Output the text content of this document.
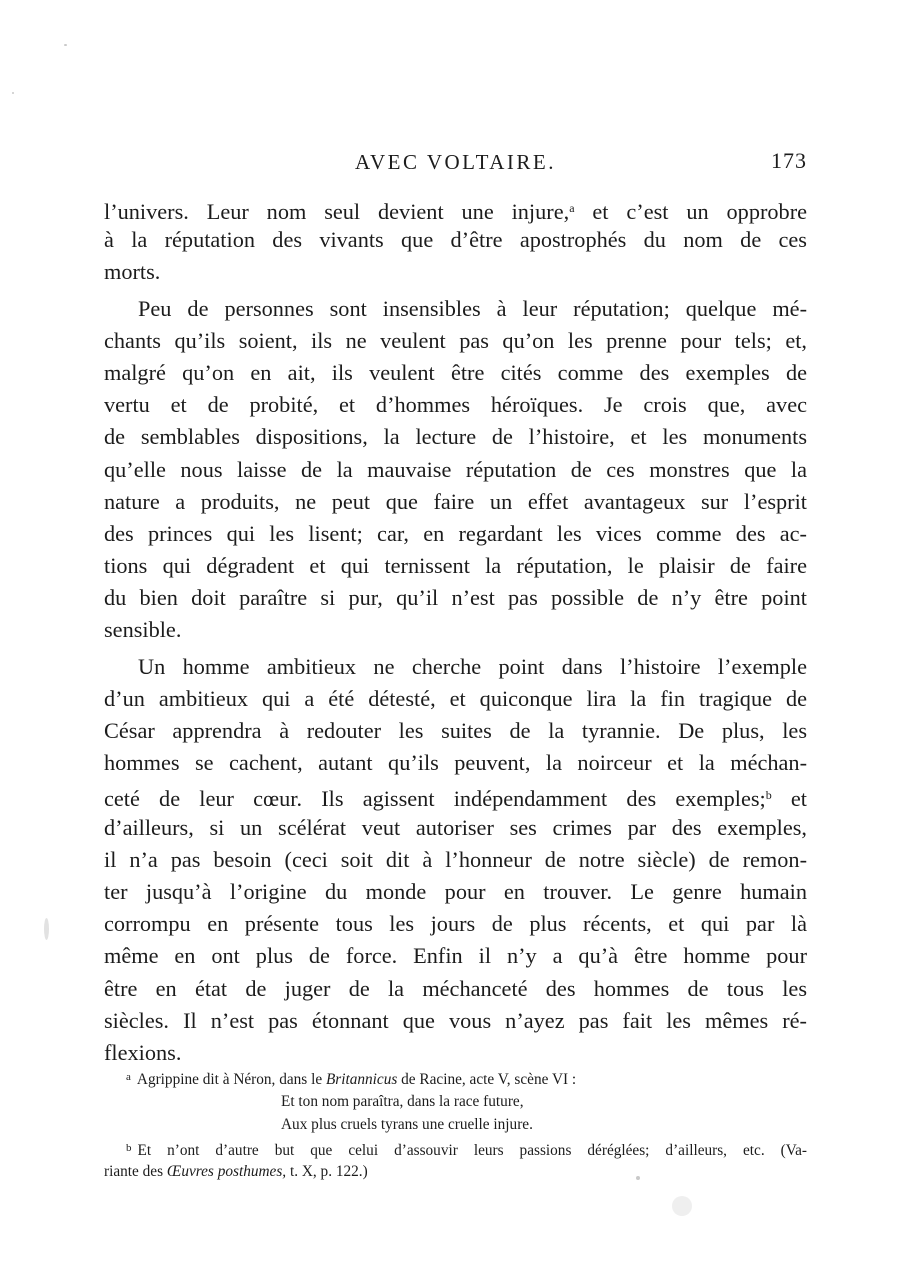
AVEC VOLTAIRE.	173
l’univers. Leur nom seul devient une injure,$^a$ et c’est un opprobre
à la réputation des vivants que d’être apostrophés du nom de ces
morts.
Peu de personnes sont insensibles à leur réputation; quelque mé-
chants qu’ils soient, ils ne veulent pas qu’on les prenne pour tels; et,
malgré qu’on en ait, ils veulent être cités comme des exemples de
vertu et de probité, et d’hommes héroïques. Je crois que, avec
de semblables dispositions, la lecture de l’histoire, et les monuments
qu’elle nous laisse de la mauvaise réputation de ces monstres que la
nature a produits, ne peut que faire un effet avantageux sur l’esprit
des princes qui les lisent; car, en regardant les vices comme des ac-
tions qui dégradent et qui ternissent la réputation, le plaisir de faire
du bien doit paraître si pur, qu’il n’est pas possible de n’y être point
sensible.
Un homme ambitieux ne cherche point dans l’histoire l’exemple
d’un ambitieux qui a été détesté, et quiconque lira la fin tragique de
César apprendra à redouter les suites de la tyrannie. De plus, les
hommes se cachent, autant qu’ils peuvent, la noirceur et la méchan-
ceté de leur cœur. Ils agissent indépendamment des exemples;$^b$ et
d’ailleurs, si un scélérat veut autoriser ses crimes par des exemples,
il n’a pas besoin (ceci soit dit à l’honneur de notre siècle) de remon-
ter jusqu’à l’origine du monde pour en trouver. Le genre humain
corrompu en présente tous les jours de plus récents, et qui par là
même en ont plus de force. Enfin il n’y a qu’à être homme pour
être en état de juger de la méchanceté des hommes de tous les
siècles. Il n’est pas étonnant que vous n’ayez pas fait les mêmes ré-
flexions.
$^a$ Agrippine dit à Néron, dans le Britannicus de Racine, acte V, scène VI :
Et ton nom paraîtra, dans la race future,
Aux plus cruels tyrans une cruelle injure.
$^b$ Et n’ont d’autre but que celui d’assouvir leurs passions déréglées; d’ailleurs, etc. (Va-
riante des Œuvres posthumes, t. X, p. 122.)
